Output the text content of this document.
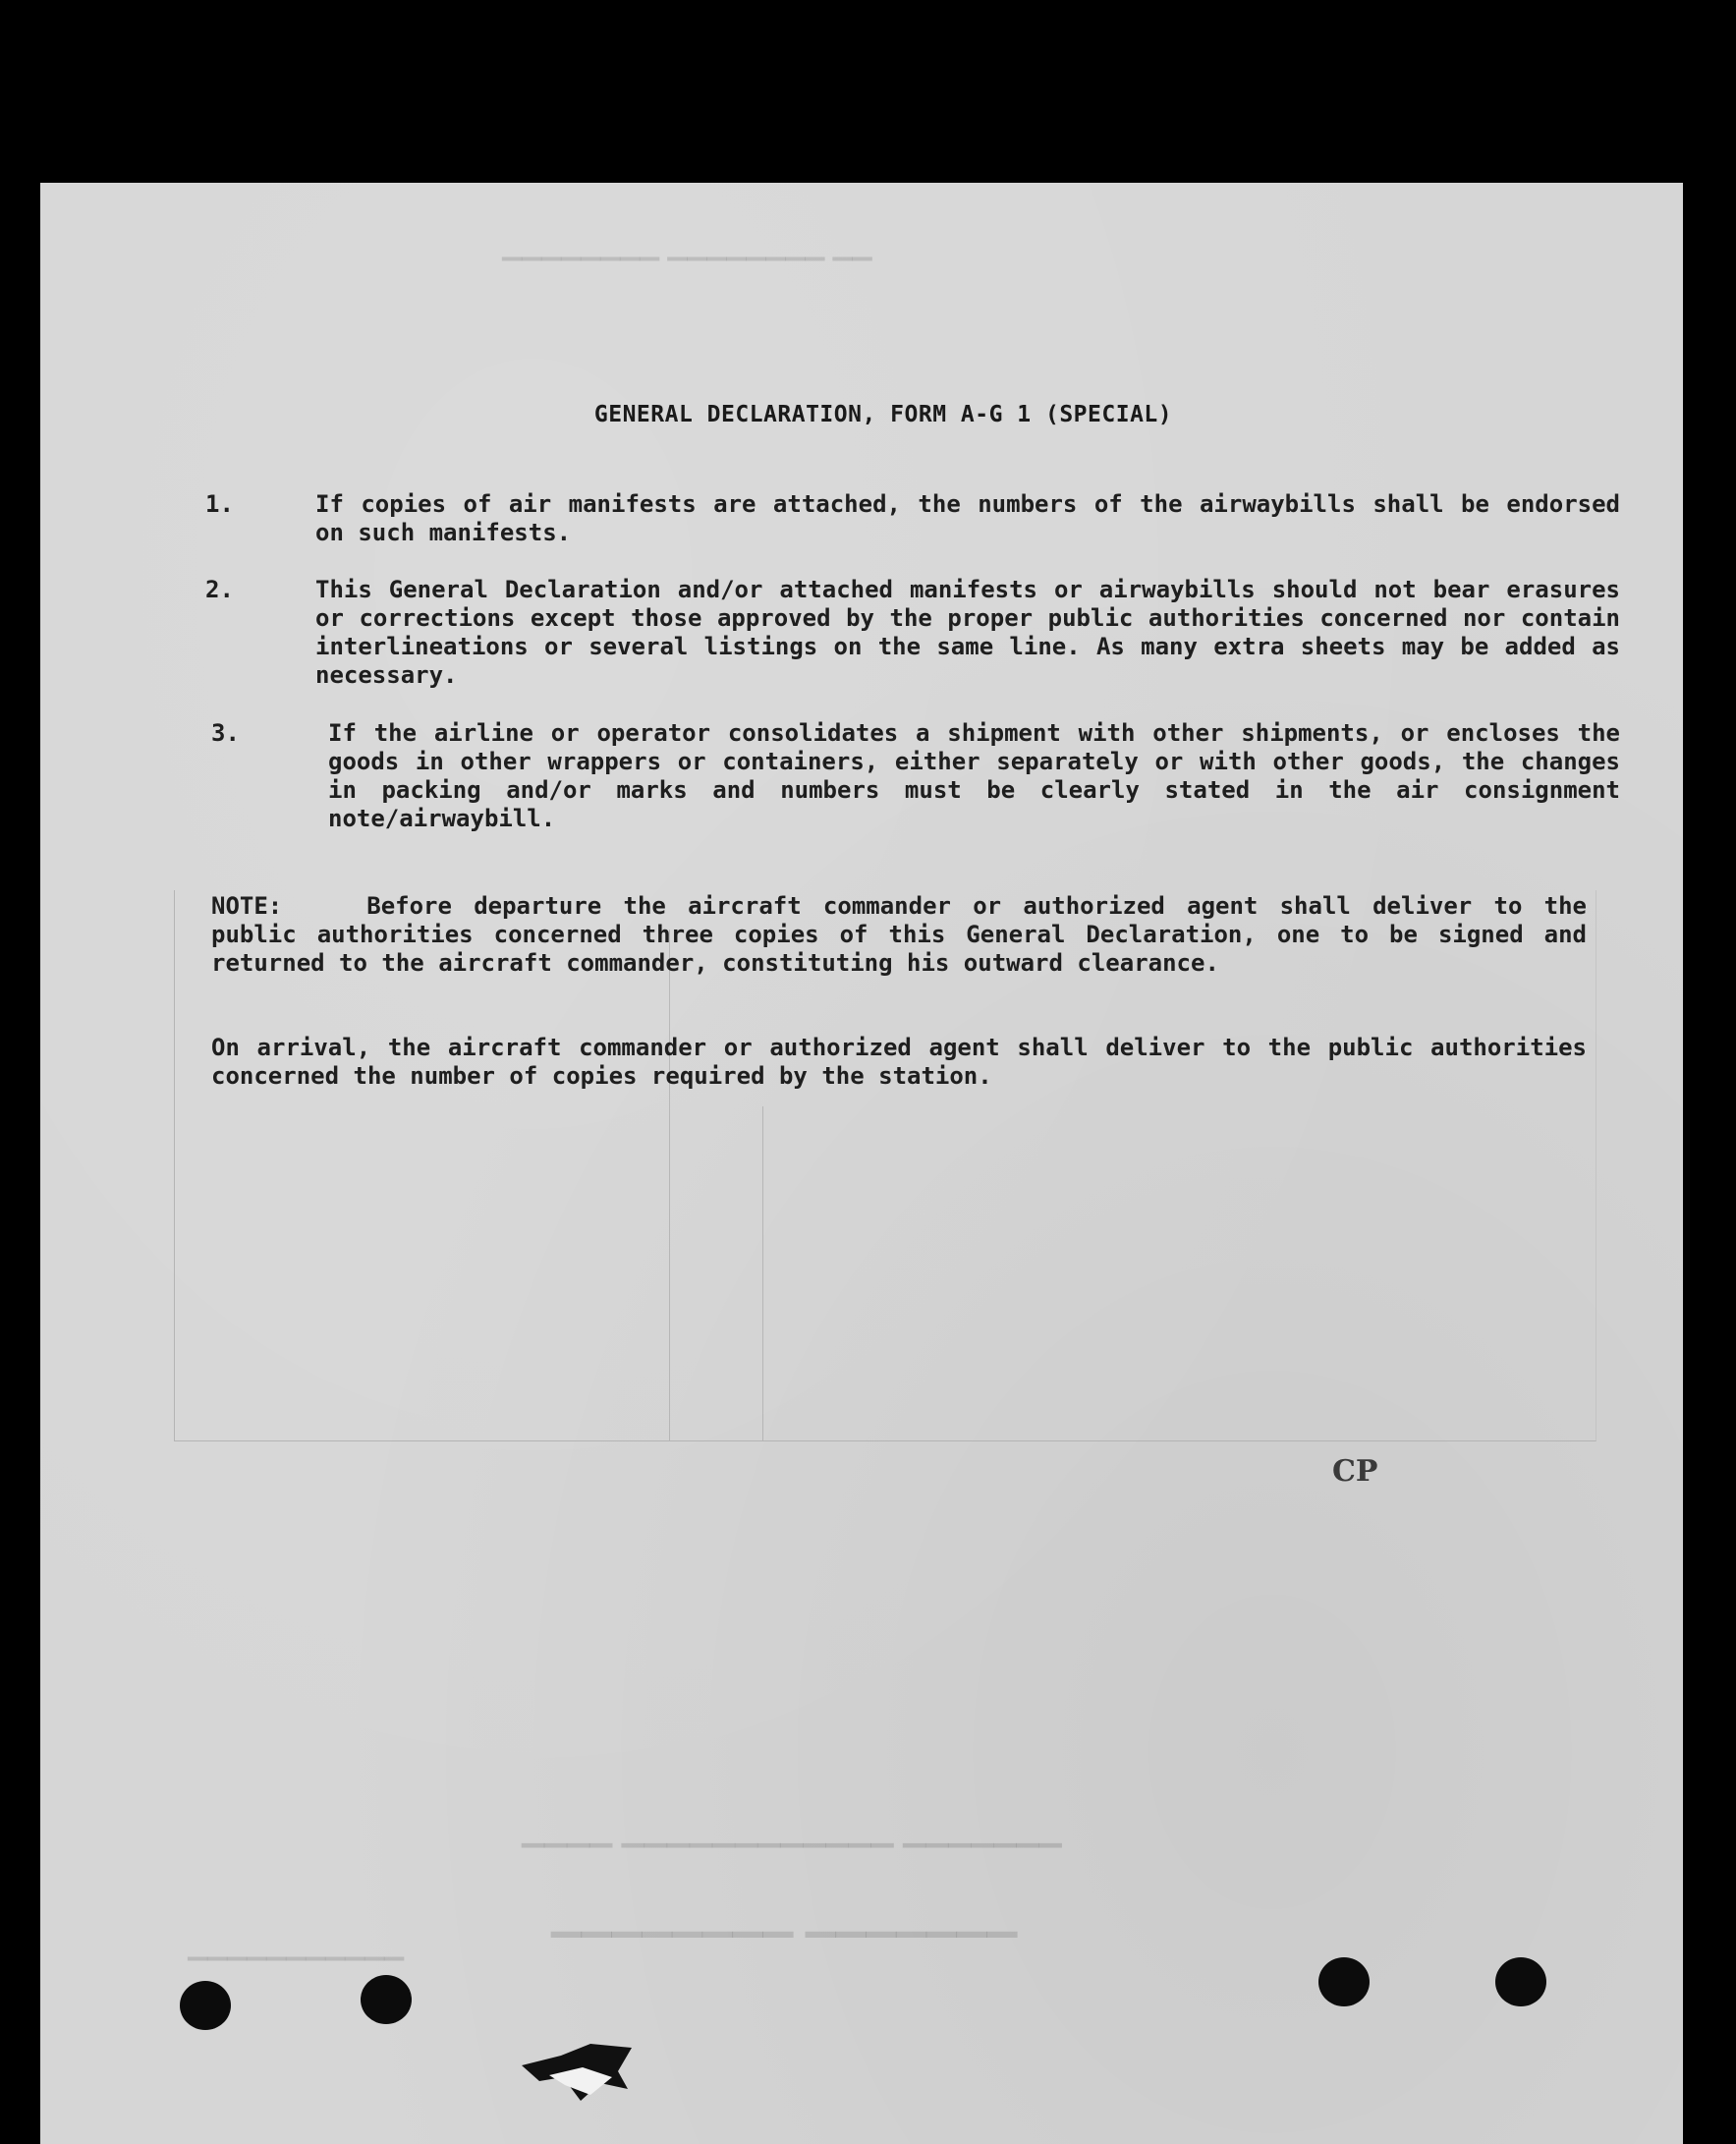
▁▁ ▁▁▁▁▁▁▁▁ ▁▁▁▁▁▁▁▁
▁▁▁▁▁▁▁ ▁▁▁▁▁▁▁▁▁▁▁▁ ▁▁▁▁
▁▁▁▁▁▁▁ ▁▁▁▁▁▁▁▁
▁▁▁▁▁▁▁▁▁▁▁
GENERAL DECLARATION, FORM A-G 1 (SPECIAL)
1.	If copies of air manifests are attached, the numbers of the airwaybills shall be endorsed on such manifests.
2.	This General Declaration and/or attached manifests or airwaybills should not bear erasures or corrections except those approved by the proper public authorities concerned nor contain interlineations or several listings on the same line. As many extra sheets may be added as necessary.
3.	If the airline or operator consolidates a shipment with other shipments, or encloses the goods in other wrappers or containers, either separately or with other goods, the changes in packing and/or marks and numbers must be clearly stated in the air consignment note/airwaybill.
NOTE:	Before departure the aircraft commander or authorized agent shall deliver to the public authorities concerned three copies of this General Declaration, one to be signed and returned to the aircraft commander, constituting his outward clearance.
On arrival, the aircraft commander or authorized agent shall deliver to the public authorities concerned the number of copies required by the station.
CP
